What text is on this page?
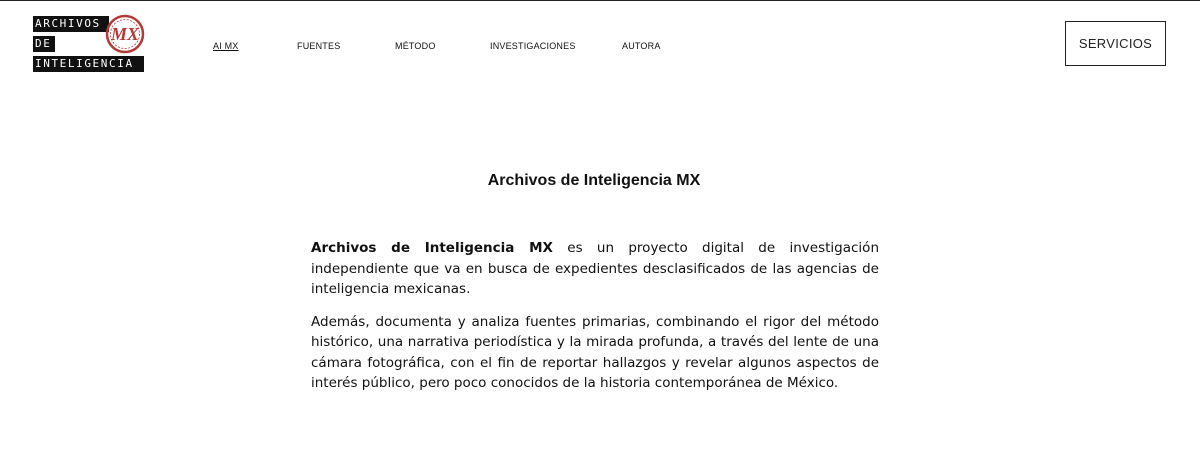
ARCHIVOS
DE
INTELIGENCIA
MX
AI MX	FUENTES	MÉTODO	INVESTIGACIONES	AUTORA	SERVICIOS
Archivos de Inteligencia MX

Archivos de Inteligencia MX es un proyecto digital de investigación independiente que va en busca de expedientes desclasificados de las agencias de inteligencia mexicanas.

Además, documenta y analiza fuentes primarias, combinando el rigor del método histórico, una narrativa periodística y la mirada profunda, a través del lente de una cámara fotográfica, con el fin de reportar hallazgos y revelar algunos aspectos de interés público, pero poco conocidos de la historia contemporánea de México.
